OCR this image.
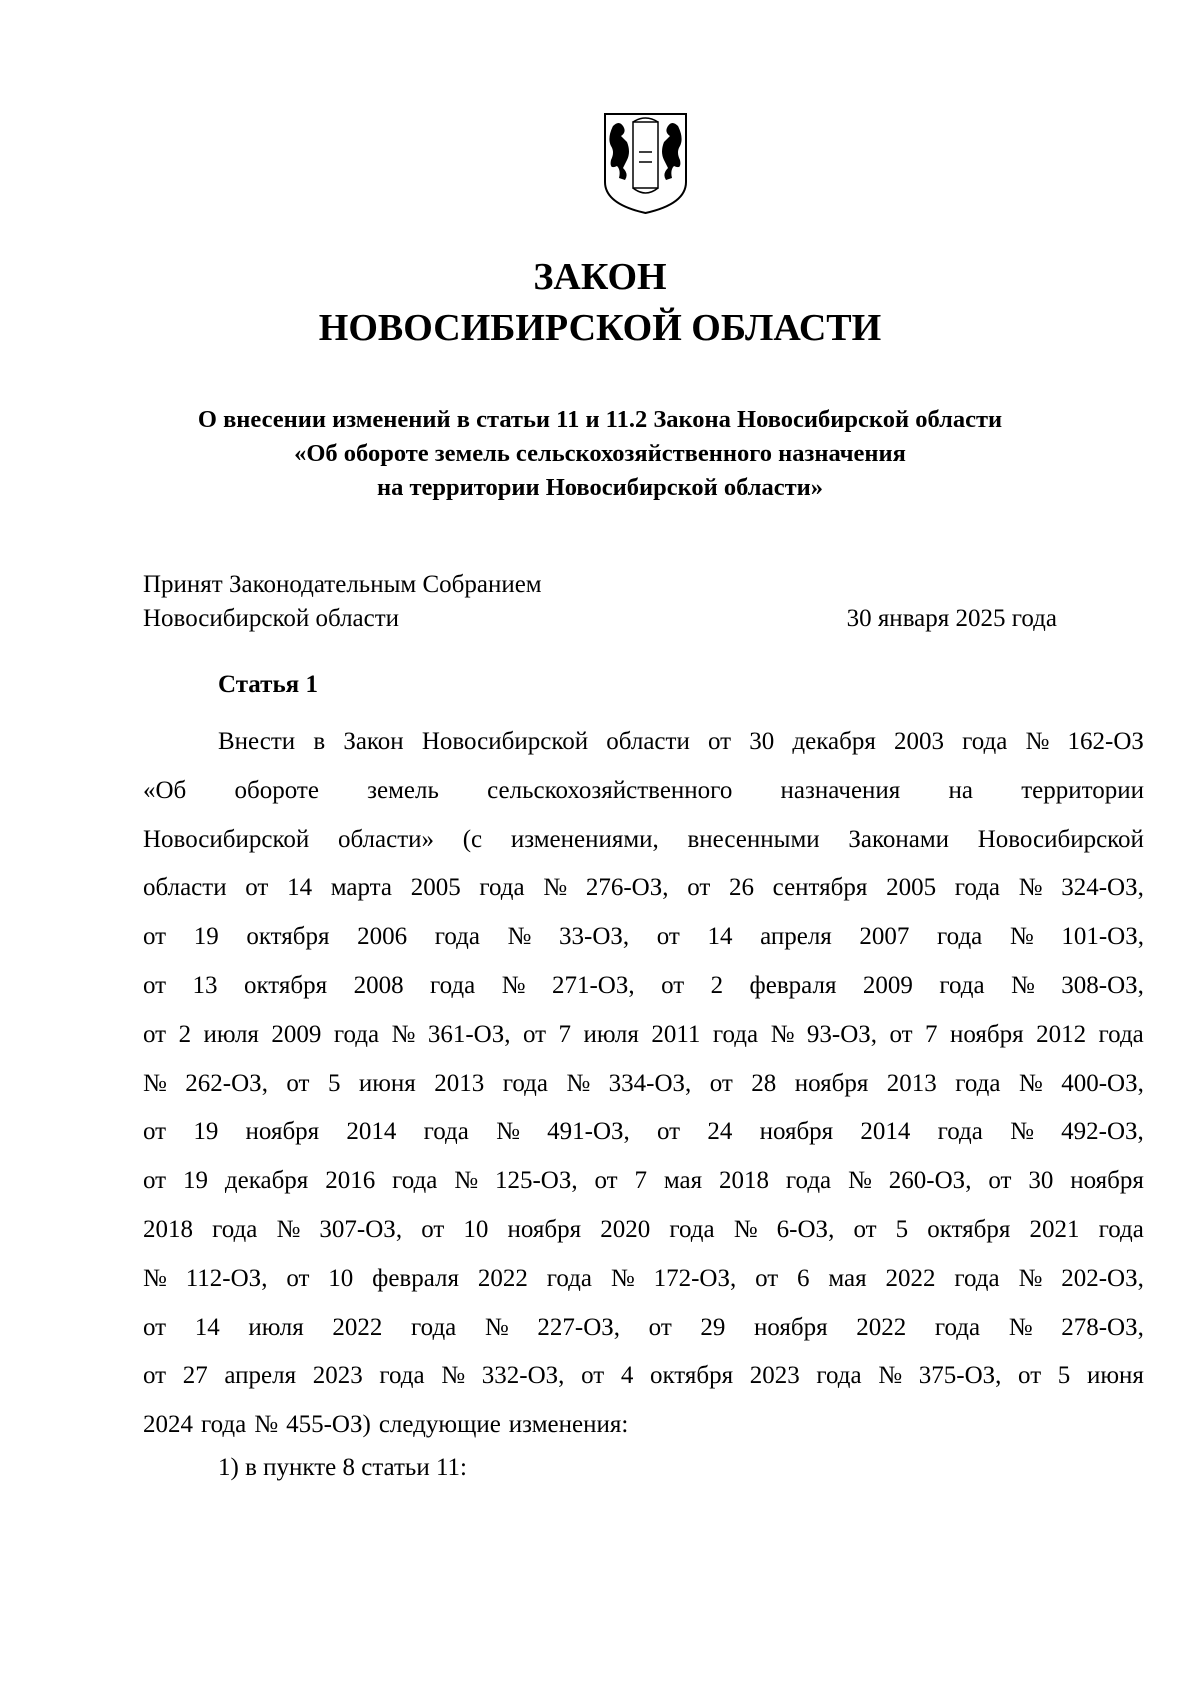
ЗАКОН
НОВОСИБИРСКОЙ ОБЛАСТИ
О внесении изменений в статьи 11 и 11.2 Закона Новосибирской области
«Об обороте земель сельскохозяйственного назначения
на территории Новосибирской области»
Принят Законодательным Собранием
Новосибирской области	30 января 2025 года
Статья 1
Внести в Закон Новосибирской области от 30 декабря 2003 года № 162-ОЗ
«Об обороте земель сельскохозяйственного назначения на территории
Новосибирской области» (с изменениями, внесенными Законами Новосибирской
области от 14 марта 2005 года № 276-ОЗ, от 26 сентября 2005 года № 324-ОЗ,
от 19 октября 2006 года № 33-ОЗ, от 14 апреля 2007 года № 101-ОЗ,
от 13 октября 2008 года № 271-ОЗ, от 2 февраля 2009 года № 308-ОЗ,
от 2 июля 2009 года № 361-ОЗ, от 7 июля 2011 года № 93-ОЗ, от 7 ноября 2012 года
№ 262-ОЗ, от 5 июня 2013 года № 334-ОЗ, от 28 ноября 2013 года № 400-ОЗ,
от 19 ноября 2014 года № 491-ОЗ, от 24 ноября 2014 года № 492-ОЗ,
от 19 декабря 2016 года № 125-ОЗ, от 7 мая 2018 года № 260-ОЗ, от 30 ноября
2018 года № 307-ОЗ, от 10 ноября 2020 года № 6-ОЗ, от 5 октября 2021 года
№ 112-ОЗ, от 10 февраля 2022 года № 172-ОЗ, от 6 мая 2022 года № 202-ОЗ,
от 14 июля 2022 года № 227-ОЗ, от 29 ноября 2022 года № 278-ОЗ,
от 27 апреля 2023 года № 332-ОЗ, от 4 октября 2023 года № 375-ОЗ, от 5 июня
2024 года № 455-ОЗ) следующие изменения:
1) в пункте 8 статьи 11:
